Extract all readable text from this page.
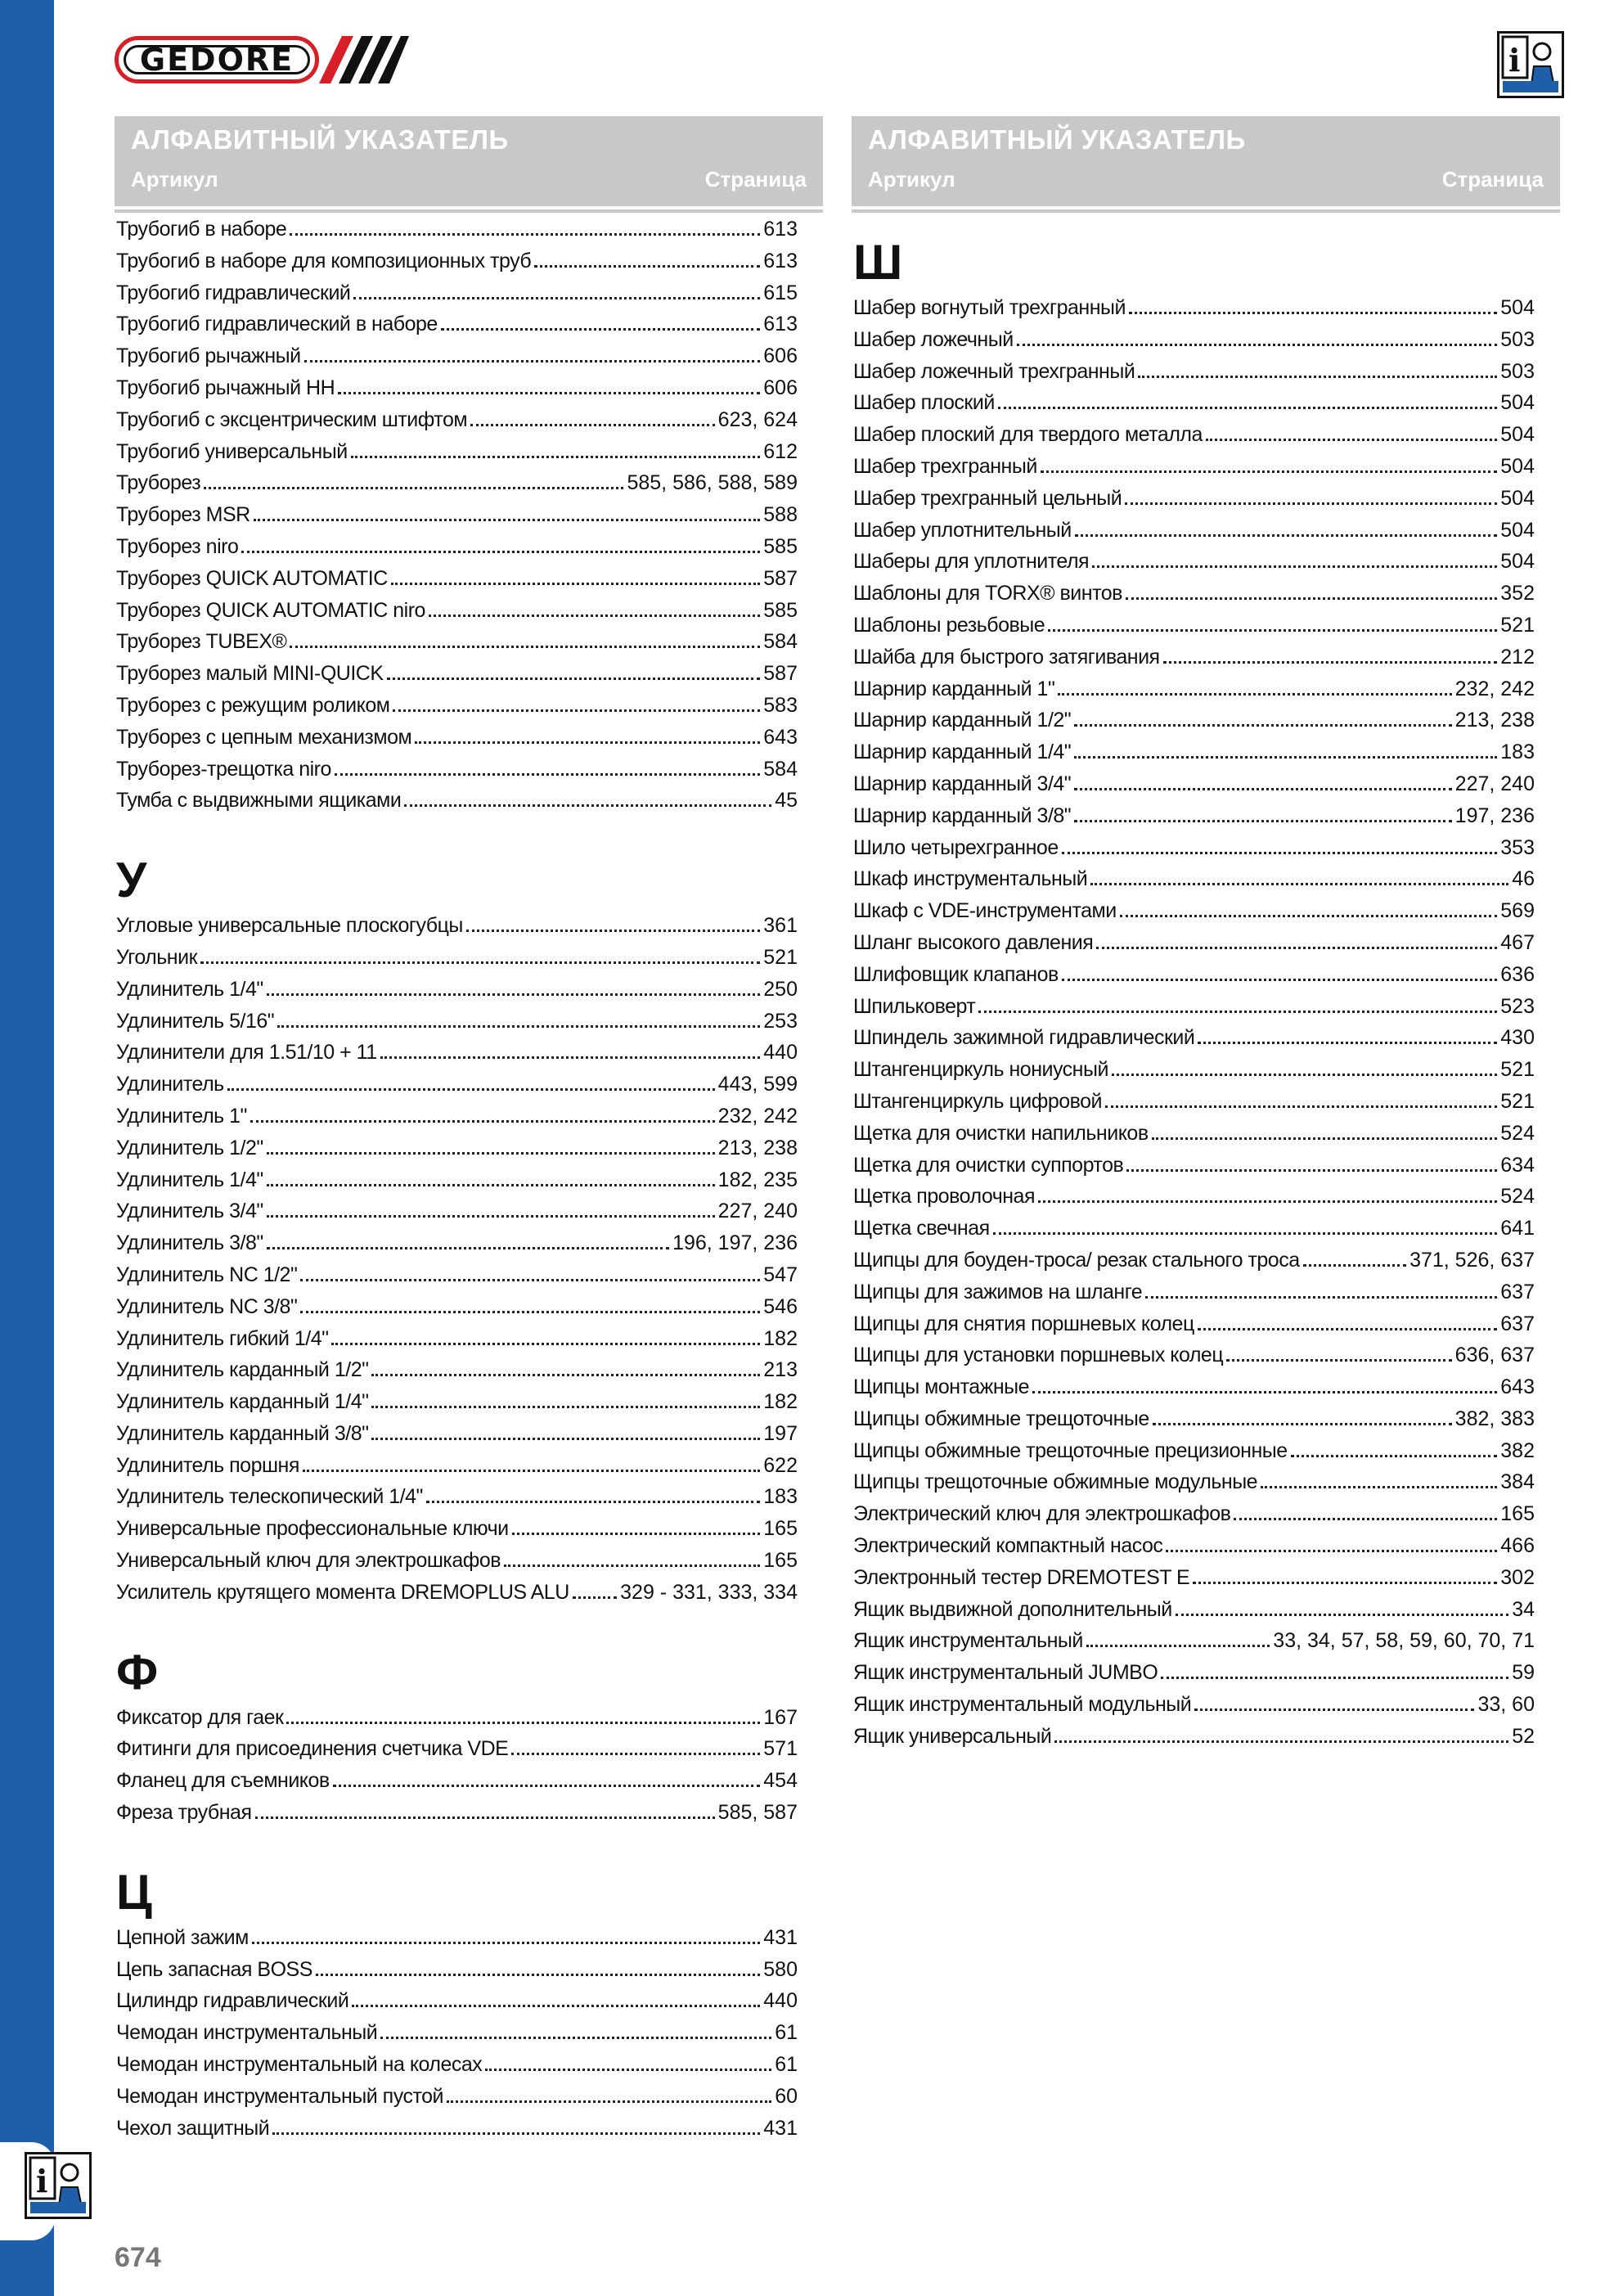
GEDORE	i
АЛФАВИТНЫЙ УКАЗАТЕЛЬ
Артикул	Страница
АЛФАВИТНЫЙ УКАЗАТЕЛЬ
Артикул	Страница
Трубогиб в наборе	613
Трубогиб в наборе для композиционных труб	613
Трубогиб гидравлический	615
Трубогиб гидравлический в наборе	613
Трубогиб рычажный	606
Трубогиб рычажный HH	606
Трубогиб с эксцентрическим штифтом	623, 624
Трубогиб универсальный	612
Труборез	585, 586, 588, 589
Труборез MSR	588
Труборез niro	585
Труборез QUICK AUTOMATIC	587
Труборез QUICK AUTOMATIC niro	585
Труборез TUBEX®	584
Труборез малый MINI-QUICK	587
Труборез с режущим роликом	583
Труборез с цепным механизмом	643
Труборез-трещотка niro	584
Тумба с выдвижными ящиками	45
У
Угловые универсальные плоскогубцы	361
Угольник	521
Удлинитель 1/4"	250
Удлинитель 5/16"	253
Удлинители для 1.51/10 + 11	440
Удлинитель	443, 599
Удлинитель 1"	232, 242
Удлинитель 1/2"	213, 238
Удлинитель 1/4"	182, 235
Удлинитель 3/4"	227, 240
Удлинитель 3/8"	196, 197, 236
Удлинитель NC 1/2"	547
Удлинитель NC 3/8"	546
Удлинитель гибкий 1/4"	182
Удлинитель карданный 1/2"	213
Удлинитель карданный 1/4"	182
Удлинитель карданный 3/8"	197
Удлинитель поршня	622
Удлинитель телескопический 1/4"	183
Универсальные профессиональные ключи	165
Универсальный ключ для электрошкафов	165
Усилитель крутящего момента DREMOPLUS ALU 329 - 331, 333, 334
Ф
Фиксатор для гаек	167
Фитинги для присоединения счетчика VDE	571
Фланец для съемников	454
Фреза трубная	585, 587
Ц
Цепной зажим	431
Цепь запасная BOSS	580
Цилиндр гидравлический	440
Чемодан инструментальный	61
Чемодан инструментальный на колесах	61
Чемодан инструментальный пустой	60
Чехол защитный	431
Ш
Шабер вогнутый трехгранный	504
Шабер ложечный	503
Шабер ложечный трехгранный	503
Шабер плоский	504
Шабер плоский для твердого металла	504
Шабер трехгранный	504
Шабер трехгранный цельный	504
Шабер уплотнительный	504
Шаберы для уплотнителя	504
Шаблоны для TORX® винтов	352
Шаблоны резьбовые	521
Шайба для быстрого затягивания	212
Шарнир карданный 1"	232, 242
Шарнир карданный 1/2"	213, 238
Шарнир карданный 1/4"	183
Шарнир карданный 3/4"	227, 240
Шарнир карданный 3/8"	197, 236
Шило четырехгранное	353
Шкаф инструментальный	46
Шкаф с VDE-инструментами	569
Шланг высокого давления	467
Шлифовщик клапанов	636
Шпильковерт	523
Шпиндель зажимной гидравлический	430
Штангенциркуль нониусный	521
Штангенциркуль цифровой	521
Щетка для очистки напильников	524
Щетка для очистки суппортов	634
Щетка проволочная	524
Щетка свечная	641
Щипцы для боуден-троса/ резак стального троса	371, 526, 637
Щипцы для зажимов на шланге	637
Щипцы для снятия поршневых колец	637
Щипцы для установки поршневых колец	636, 637
Щипцы монтажные	643
Щипцы обжимные трещоточные	382, 383
Щипцы обжимные трещоточные прецизионные	382
Щипцы трещоточные обжимные модульные	384
Электрический ключ для электрошкафов	165
Электрический компактный насос	466
Электронный тестер DREMOTEST E	302
Ящик выдвижной дополнительный	34
Ящик инструментальный	33, 34, 57, 58, 59, 60, 70, 71
Ящик инструментальный JUMBO	59
Ящик инструментальный модульный	33, 60
Ящик универсальный	52
i
674
